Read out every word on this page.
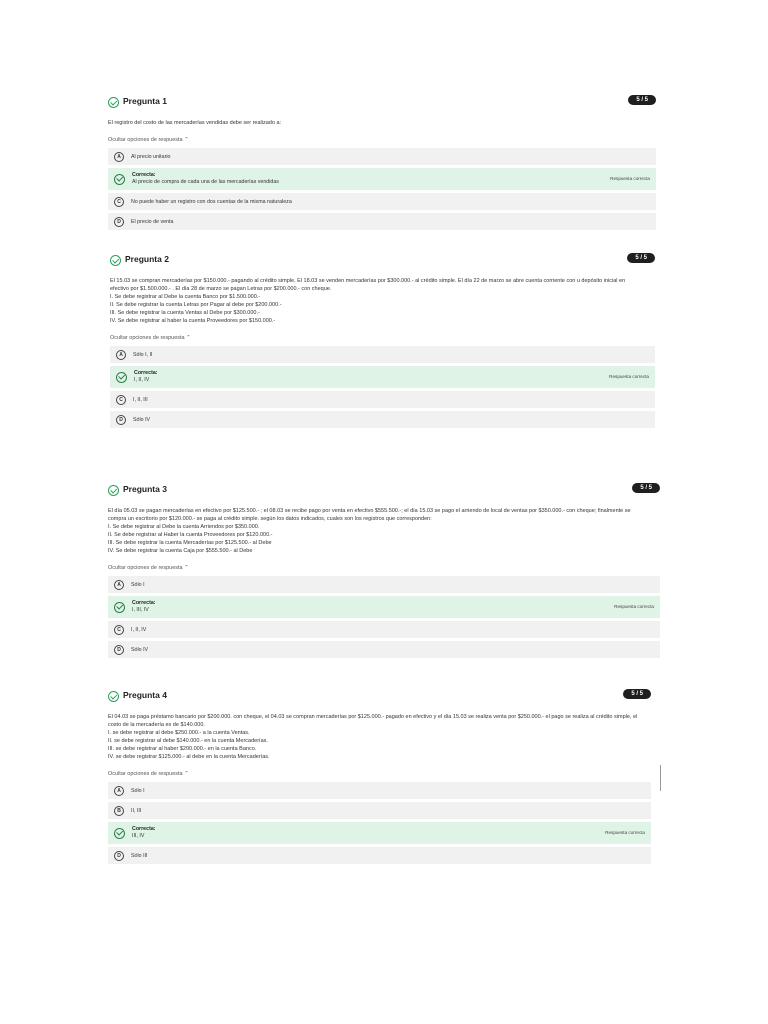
Pregunta 1	5 / 5
El registro del costo de las mercaderías vendidas debe ser realizado a:
Ocultar opciones de respuesta ⌃
A	Al precio unitario
Correcta:
Al precio de compra de cada una de las mercaderías vendidas
Respuesta correcta
C	No puede haber un registro con dos cuentas de la misma naturaleza
D	El precio de venta
Pregunta 2	5 / 5
El 15.03 se compran mercaderías por $150.000.- pagando al crédito simple. El 18.03 se venden mercaderías por $300.000.- al crédito simple. El día 22 de marzo se abre cuenta corriente con u depósito inicial en
efectivo por $1.500.000.- . El día 28 de marzo se pagan Letras por $200.000.- con cheque.
I. Se debe registrar al Debe la cuenta Banco por $1.500.000.-
II. Se debe registrar la cuenta Letras por Pagar al debe por $200.000.-
III. Se debe registrar la cuenta Ventas al Debe por $300.000.-
IV. Se debe registrar al haber la cuenta Proveedores por $150.000.-
Ocultar opciones de respuesta ⌃
A	Sólo I, II
Correcta:
I, II, IV
Respuesta correcta
C	I, II, III
D	Sólo IV
Pregunta 3	5 / 5
El día 05.03 se pagan mercaderías en efectivo por $125.500.- ; el 08.03 se recibe pago por venta en efectivo $555.500.-; el día 15.03 se pago el arriendo de local de ventas por $350.000.- con cheque; finalmente se
compra un escritorio por $120.000.- se paga al crédito simple. según los datos indicados, cuales son los registros que corresponden:
I. Se debe registrar al Debe la cuenta Arriendos por $350.000.
II. Se debe registrar al Haber la cuenta Proveedores por $120.000.-
III. Se debe registrar la cuenta Mercaderías por $125.500.- al Debe
IV. Se debe registrar la cuenta Caja por $555.500.- al Debe
Ocultar opciones de respuesta ⌃
A	Sólo I
Correcta:
I, III, IV
Respuesta correcta
C	I, II, IV
D	Sólo IV
Pregunta 4	5 / 5
El 04.03 se paga préstamo bancario por $200.000. con cheque, el 04.03 se compran mercaderías por $125.000.- pagado en efectivo y el día 15.03 se realiza venta por $250.000.- el pago se realiza al crédito simple, el
costo de la mercadería es de $140.000.
I. se debe registrar al debe $250.000.- a la cuenta Ventas.
II. se debe registrar al debe $140.000.- en la cuenta Mercaderías.
III. se debe registrar al haber $200.000.- en la cuenta Banco.
IV. se debe registrar $125.000.- al debe en la cuenta Mercaderías.
Ocultar opciones de respuesta ⌃
A	Sólo I
B	II, III
Correcta:
III, IV
Respuesta correcta
D	Sólo III
